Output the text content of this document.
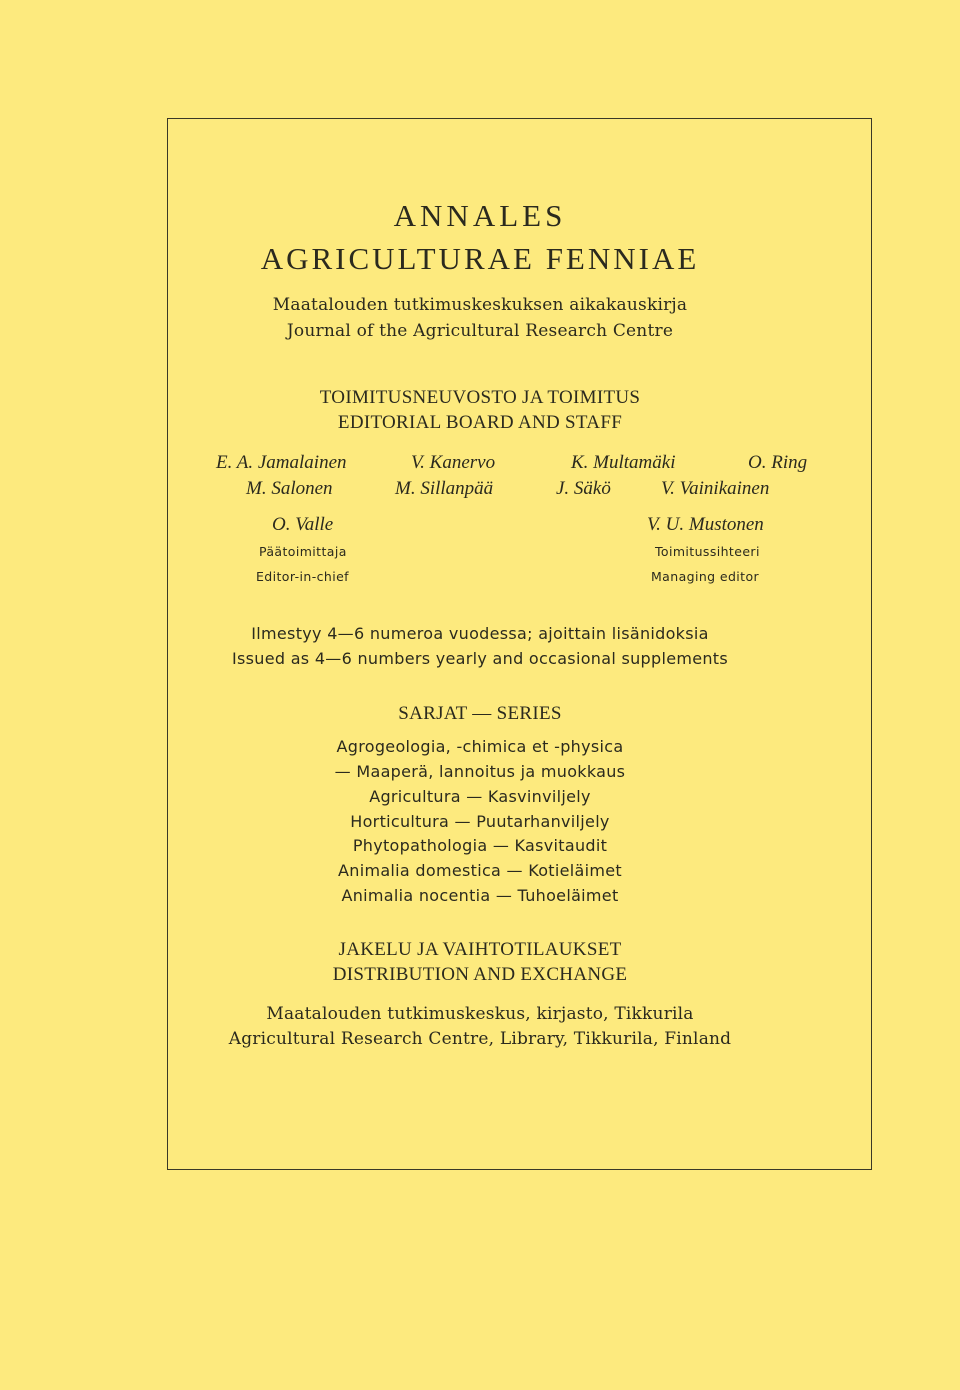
ANNALES
AGRICULTURAE FENNIAE
Maatalouden tutkimuskeskuksen aikakauskirja
Journal of the Agricultural Research Centre
TOIMITUSNEUVOSTO JA TOIMITUS
EDITORIAL BOARD AND STAFF
E. A. Jamalainen	V. Kanervo	K. Multamäki	O. Ring
M. Salonen	M. Sillanpää	J. Säkö	V. Vainikainen
O. Valle
Päätoimittaja
Editor-in-chief
V. U. Mustonen
Toimitussihteeri
Managing editor
Ilmestyy 4—6 numeroa vuodessa; ajoittain lisänidoksia
Issued as 4—6 numbers yearly and occasional supplements
SARJAT — SERIES
Agrogeologia, -chimica et -physica
— Maaperä, lannoitus ja muokkaus
Agricultura — Kasvinviljely
Horticultura — Puutarhanviljely
Phytopathologia — Kasvitaudit
Animalia domestica — Kotieläimet
Animalia nocentia — Tuhoeläimet
JAKELU JA VAIHTOTILAUKSET
DISTRIBUTION AND EXCHANGE
Maatalouden tutkimuskeskus, kirjasto, Tikkurila
Agricultural Research Centre, Library, Tikkurila, Finland
